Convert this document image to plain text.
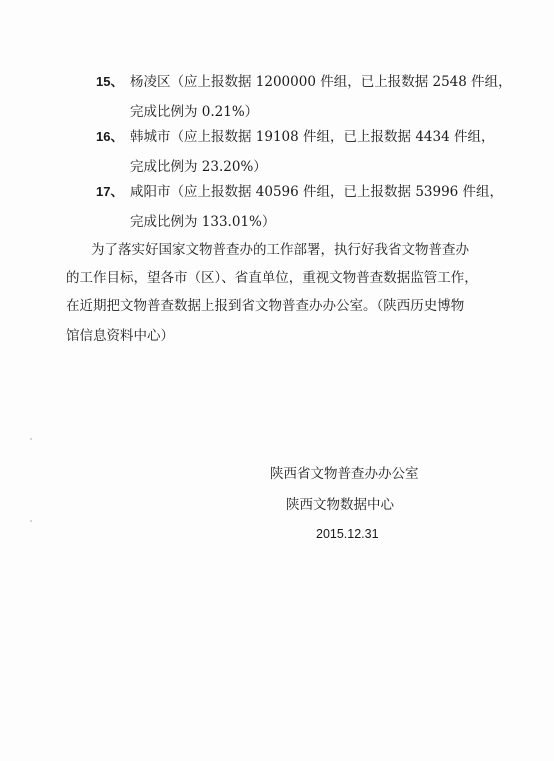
15、 杨凌区（应上报数据 1200000 件组，已上报数据 2548 件组，
完成比例为 0.21%）
16、 韩城市（应上报数据 19108 件组，已上报数据 4434 件组，
完成比例为 23.20%）
17、 咸阳市（应上报数据 40596 件组，已上报数据 53996 件组，
完成比例为 133.01%）
为了落实好国家文物普查办的工作部署，执行好我省文物普查办
的工作目标，望各市（区）、省直单位，重视文物普查数据监管工作，
在近期把文物普查数据上报到省文物普查办办公室。（陕西历史博物
馆信息资料中心）
陕西省文物普查办办公室
陕西文物数据中心
2015.12.31
